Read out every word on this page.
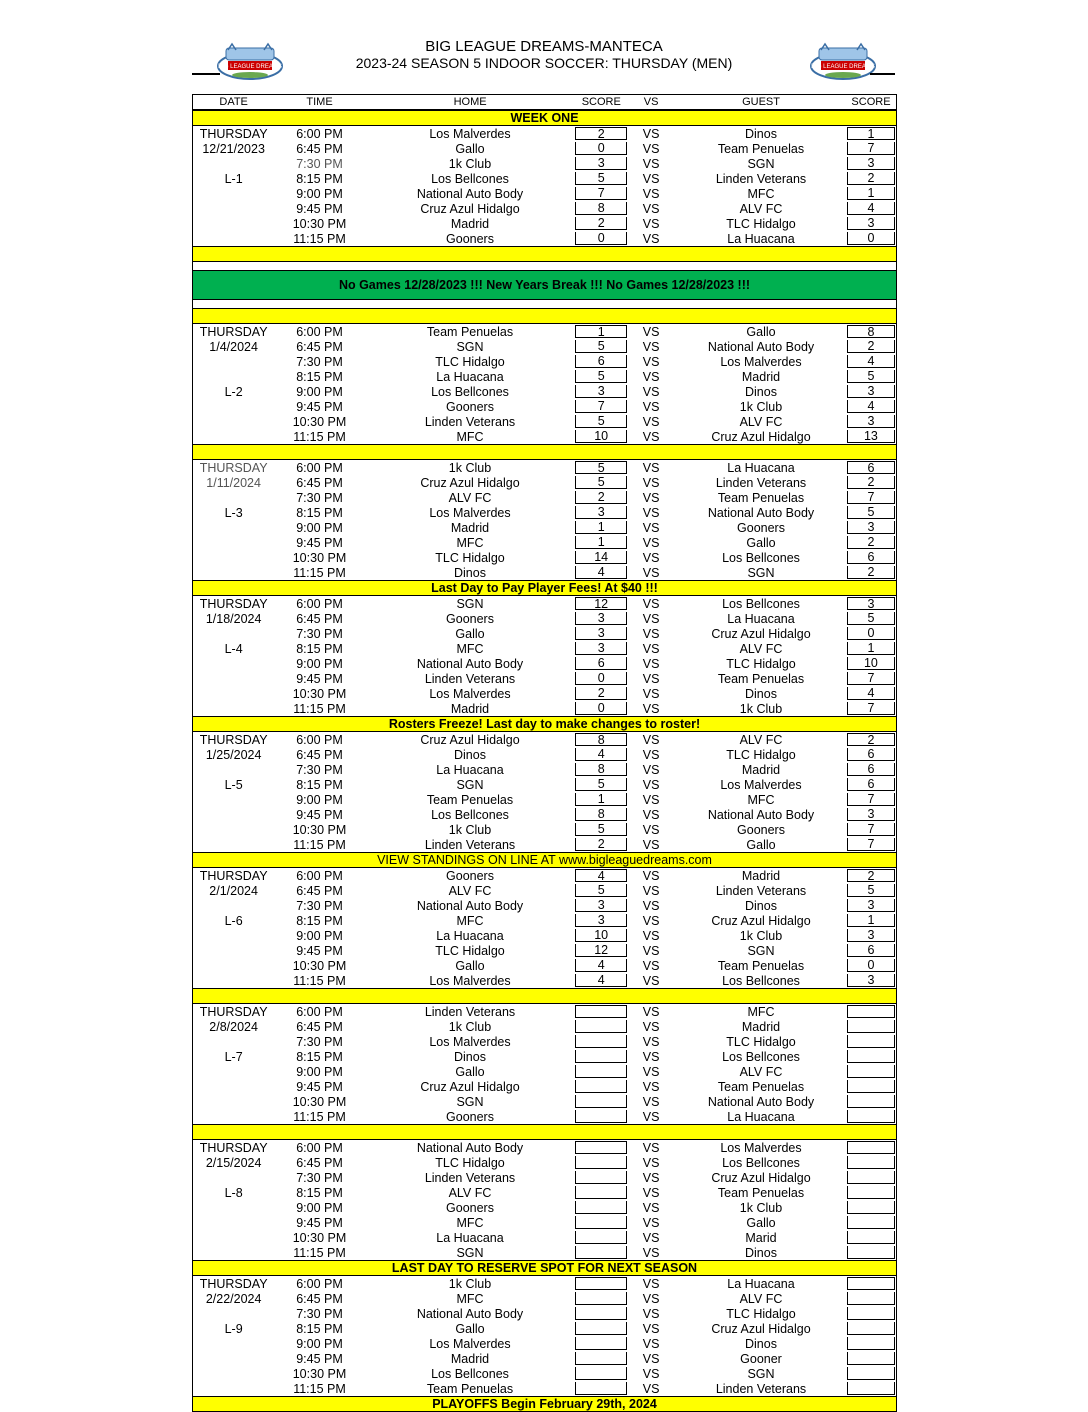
BIG LEAGUE DREAMS-MANTECA
2023-24 SEASON 5 INDOOR SOCCER: THURSDAY (MEN)
BIG LEAGUE DREAMS	BIG LEAGUE DREAMS
DATE	TIME	HOME	SCORE	VS	GUEST	SCORE
WEEK ONE
THURSDAY	6:00 PM	Los Malverdes	2	VS	Dinos	1
12/21/2023	6:45 PM	Gallo	0	VS	Team Penuelas	7
7:30 PM	1k Club	3	VS	SGN	3
L-1	8:15 PM	Los Bellcones	5	VS	Linden Veterans	2
9:00 PM	National Auto Body	7	VS	MFC	1
9:45 PM	Cruz Azul Hidalgo	8	VS	ALV FC	4
10:30 PM	Madrid	2	VS	TLC Hidalgo	3
11:15 PM	Gooners	0	VS	La Huacana	0
No Games 12/28/2023 !!! New Years Break !!! No Games 12/28/2023 !!!
THURSDAY	6:00 PM	Team Penuelas	1	VS	Gallo	8
1/4/2024	6:45 PM	SGN	5	VS	National Auto Body	2
7:30 PM	TLC Hidalgo	6	VS	Los Malverdes	4
8:15 PM	La Huacana	5	VS	Madrid	5
L-2	9:00 PM	Los Bellcones	3	VS	Dinos	3
9:45 PM	Gooners	7	VS	1k Club	4
10:30 PM	Linden Veterans	5	VS	ALV FC	3
11:15 PM	MFC	10	VS	Cruz Azul Hidalgo	13
THURSDAY	6:00 PM	1k Club	5	VS	La Huacana	6
1/11/2024	6:45 PM	Cruz Azul Hidalgo	5	VS	Linden Veterans	2
7:30 PM	ALV FC	2	VS	Team Penuelas	7
L-3	8:15 PM	Los Malverdes	3	VS	National Auto Body	5
9:00 PM	Madrid	1	VS	Gooners	3
9:45 PM	MFC	1	VS	Gallo	2
10:30 PM	TLC Hidalgo	14	VS	Los Bellcones	6
11:15 PM	Dinos	4	VS	SGN	2
Last Day to Pay Player Fees! At $40 !!!
THURSDAY	6:00 PM	SGN	12	VS	Los Bellcones	3
1/18/2024	6:45 PM	Gooners	3	VS	La Huacana	5
7:30 PM	Gallo	3	VS	Cruz Azul Hidalgo	0
L-4	8:15 PM	MFC	3	VS	ALV FC	1
9:00 PM	National Auto Body	6	VS	TLC Hidalgo	10
9:45 PM	Linden Veterans	0	VS	Team Penuelas	7
10:30 PM	Los Malverdes	2	VS	Dinos	4
11:15 PM	Madrid	0	VS	1k Club	7
Rosters Freeze! Last day to make changes to roster!
THURSDAY	6:00 PM	Cruz Azul Hidalgo	8	VS	ALV FC	2
1/25/2024	6:45 PM	Dinos	4	VS	TLC Hidalgo	6
7:30 PM	La Huacana	8	VS	Madrid	6
L-5	8:15 PM	SGN	5	VS	Los Malverdes	6
9:00 PM	Team Penuelas	1	VS	MFC	7
9:45 PM	Los Bellcones	8	VS	National Auto Body	3
10:30 PM	1k Club	5	VS	Gooners	7
11:15 PM	Linden Veterans	2	VS	Gallo	7
VIEW STANDINGS ON LINE AT www.bigleaguedreams.com
THURSDAY	6:00 PM	Gooners	4	VS	Madrid	2
2/1/2024	6:45 PM	ALV FC	5	VS	Linden Veterans	5
7:30 PM	National Auto Body	3	VS	Dinos	3
L-6	8:15 PM	MFC	3	VS	Cruz Azul Hidalgo	1
9:00 PM	La Huacana	10	VS	1k Club	3
9:45 PM	TLC Hidalgo	12	VS	SGN	6
10:30 PM	Gallo	4	VS	Team Penuelas	0
11:15 PM	Los Malverdes	4	VS	Los Bellcones	3
THURSDAY	6:00 PM	Linden Veterans	VS	MFC
2/8/2024	6:45 PM	1k Club	VS	Madrid
7:30 PM	Los Malverdes	VS	TLC Hidalgo
L-7	8:15 PM	Dinos	VS	Los Bellcones
9:00 PM	Gallo	VS	ALV FC
9:45 PM	Cruz Azul Hidalgo	VS	Team Penuelas
10:30 PM	SGN	VS	National Auto Body
11:15 PM	Gooners	VS	La Huacana
THURSDAY	6:00 PM	National Auto Body	VS	Los Malverdes
2/15/2024	6:45 PM	TLC Hidalgo	VS	Los Bellcones
7:30 PM	Linden Veterans	VS	Cruz Azul Hidalgo
L-8	8:15 PM	ALV FC	VS	Team Penuelas
9:00 PM	Gooners	VS	1k Club
9:45 PM	MFC	VS	Gallo
10:30 PM	La Huacana	VS	Marid
11:15 PM	SGN	VS	Dinos
LAST DAY TO RESERVE SPOT FOR NEXT SEASON
THURSDAY	6:00 PM	1k Club	VS	La Huacana
2/22/2024	6:45 PM	MFC	VS	ALV FC
7:30 PM	National Auto Body	VS	TLC Hidalgo
L-9	8:15 PM	Gallo	VS	Cruz Azul Hidalgo
9:00 PM	Los Malverdes	VS	Dinos
9:45 PM	Madrid	VS	Gooner
10:30 PM	Los Bellcones	VS	SGN
11:15 PM	Team Penuelas	VS	Linden Veterans
PLAYOFFS Begin February 29th, 2024
